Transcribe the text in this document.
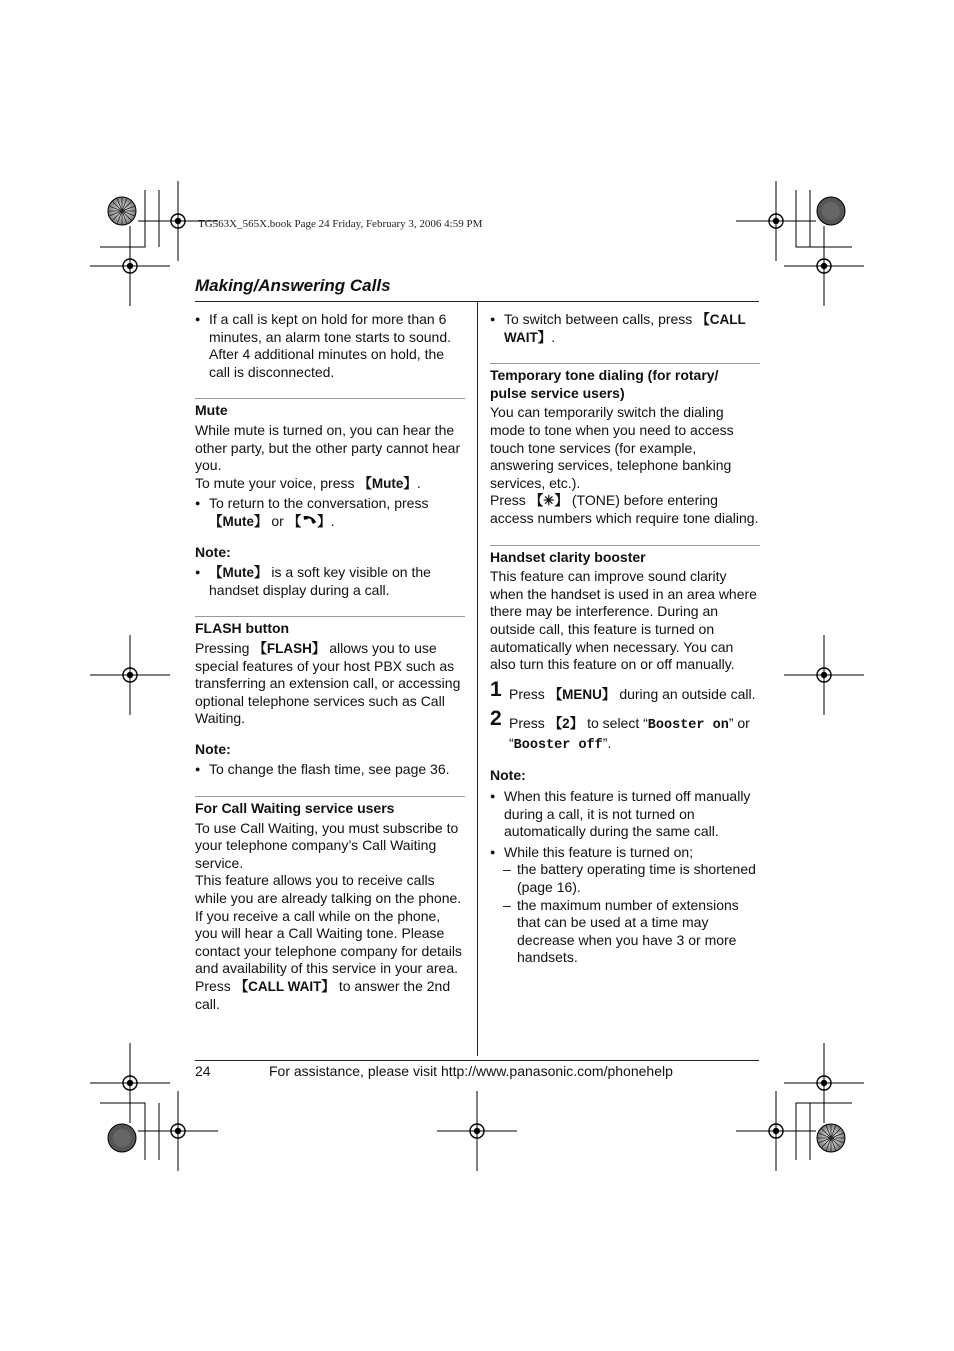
TG563X_565X.book Page 24 Friday, February 3, 2006 4:59 PM
Making/Answering Calls
● If a call is kept on hold for more than 6 minutes, an alarm tone starts to sound. After 4 additional minutes on hold, the call is disconnected.
Mute
While mute is turned on, you can hear the other party, but the other party cannot hear you.
To mute your voice, press 【Mute】.
● To return to the conversation, press 【Mute】 or 【 】.
Note:
● 【Mute】 is a soft key visible on the handset display during a call.
FLASH button
Pressing 【FLASH】 allows you to use special features of your host PBX such as transferring an extension call, or accessing optional telephone services such as Call Waiting.
Note:
● To change the flash time, see page 36.
For Call Waiting service users
To use Call Waiting, you must subscribe to your telephone company’s Call Waiting service.
This feature allows you to receive calls while you are already talking on the phone. If you receive a call while on the phone, you will hear a Call Waiting tone. Please contact your telephone company for details and availability of this service in your area.
Press 【CALL WAIT】 to answer the 2nd call.
● To switch between calls, press 【CALL WAIT】.
Temporary tone dialing (for rotary/ pulse service users)
You can temporarily switch the dialing mode to tone when you need to access touch tone services (for example, answering services, telephone banking services, etc.).
Press 【✳】 (TONE) before entering access numbers which require tone dialing.
Handset clarity booster
This feature can improve sound clarity when the handset is used in an area where there may be interference. During an outside call, this feature is turned on automatically when necessary. You can also turn this feature on or off manually.
1 Press 【MENU】 during an outside call.
2 Press 【2】 to select “Booster on” or “Booster off”.
Note:
● When this feature is turned off manually during a call, it is not turned on automatically during the same call.
● While this feature is turned on;
– the battery operating time is shortened (page 16).
– the maximum number of extensions that can be used at a time may decrease when you have 3 or more handsets.
24	For assistance, please visit http://www.panasonic.com/phonehelp
